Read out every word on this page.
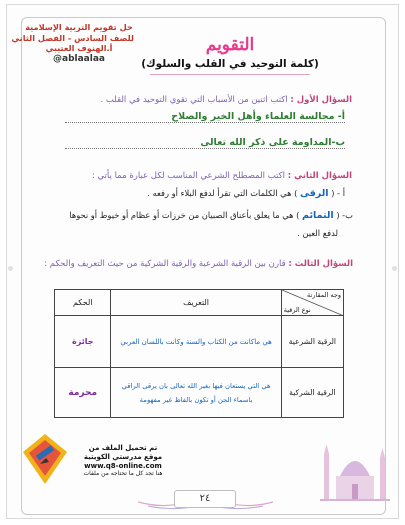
حل تقويم التربية الإسلامية
للصف السادس - الفصل الثاني
أ.الهنوف العتيبي
@ablaalaa
التقويم
(كلمة التوحيد في القلب والسلوك)
السؤال الأول : اكتب اثنين من الأسباب التي تقوي التوحيد في القلب .
أ- مجالسة العلماء وأهل الخير والصلاح
ب-المداومة على ذكر الله تعالى
السؤال الثاني : اكتب المصطلح الشرعي المناسب لكل عبارة مما يأتي :
أ - ( الرقى ) هي الكلمات التي تقرأ لدفع البلاء أو رفعه .
ب- ( التمائم ) هي ما يعلق بأعناق الصبيان من خرزات أو عظام أو خيوط أو نحوها
لدفع العين .
السؤال الثالث : قارن بين الرقية الشرعية والرقية الشركية من حيث التعريف والحكم :
وجه المقارنة
نوع الرقية	التعريف	الحكم
الرقية الشرعية	هي ماكانت من الكتاب والسنة وكانت باللسان العربي	جائزة
الرقية الشركية	هي التي يستعان فيها بغير الله تعالى بان يرقى الراقي
باسماء الجن أو تكون بالفاظ غير مفهومة	محرمة
تم تحميل الملف من
موقع مدرستي الكويتية
www.q8-online.com
هنا تجد كل ما تحتاجه من ملفات
٢٤
